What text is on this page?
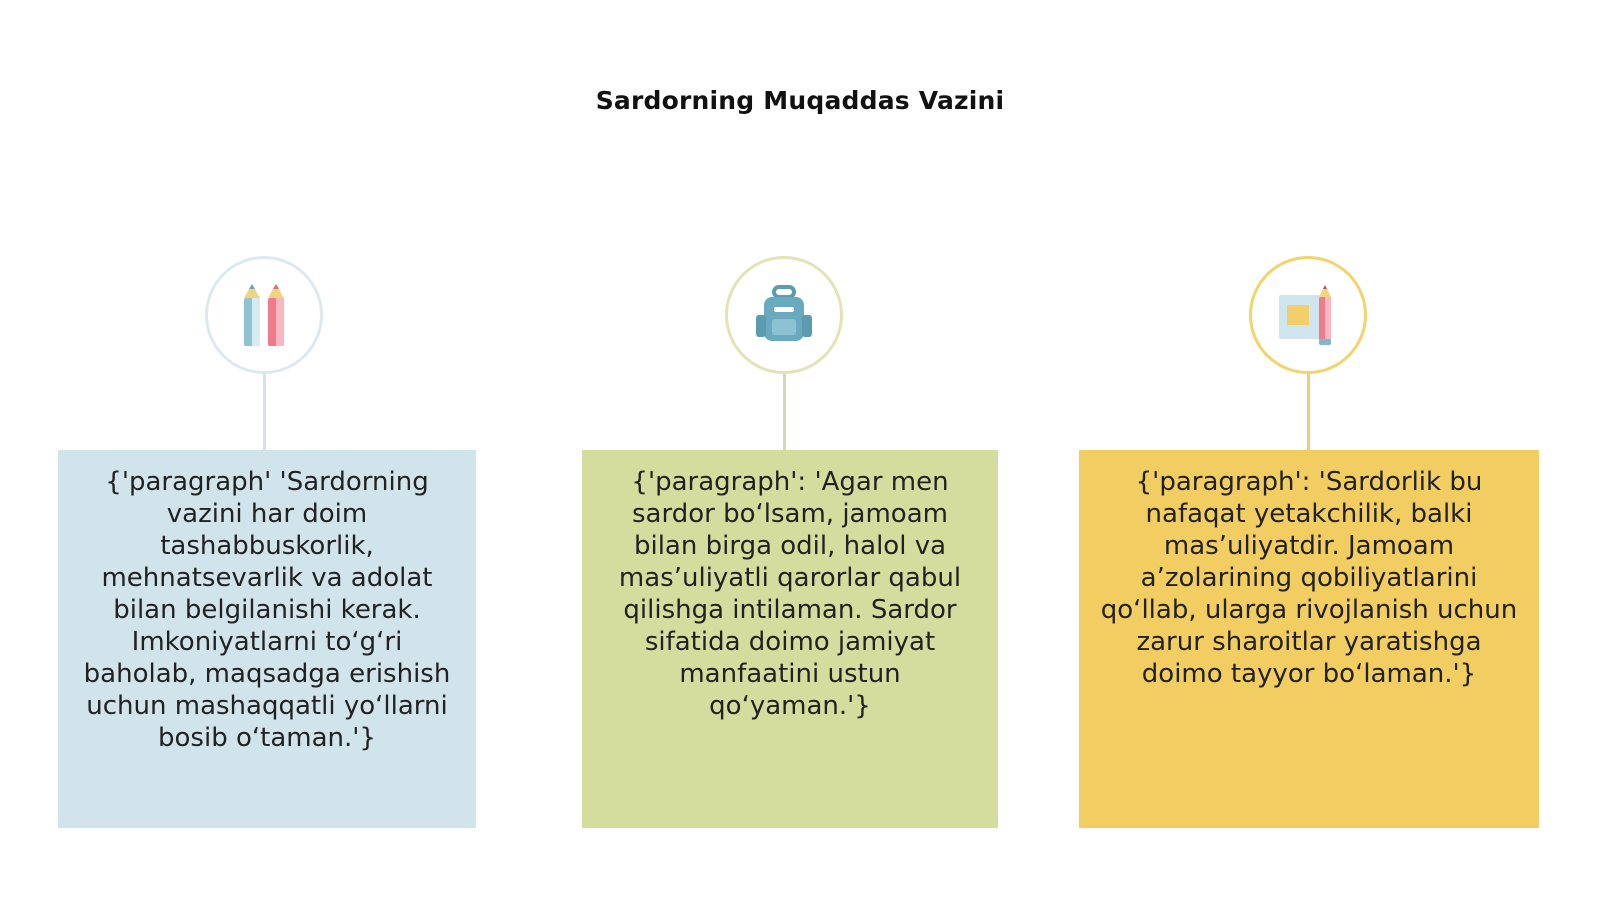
Sardorning Muqaddas Vazini
{'paragraph' 'Sardorning vazini har doim tashabbuskorlik, mehnatsevarlik va adolat bilan belgilanishi kerak. Imkoniyatlarni to‘g‘ri baholab, maqsadga erishish uchun mashaqqatli yo‘llarni bosib o‘taman.'}
{'paragraph': 'Agar men sardor bo‘lsam, jamoam bilan birga odil, halol va mas’uliyatli qarorlar qabul qilishga intilaman. Sardor sifatida doimo jamiyat manfaatini ustun qo‘yaman.'}
{'paragraph': 'Sardorlik bu nafaqat yetakchilik, balki mas’uliyatdir. Jamoam a’zolarining qobiliyatlarini qo‘llab, ularga rivojlanish uchun zarur sharoitlar yaratishga doimo tayyor bo‘laman.'}
